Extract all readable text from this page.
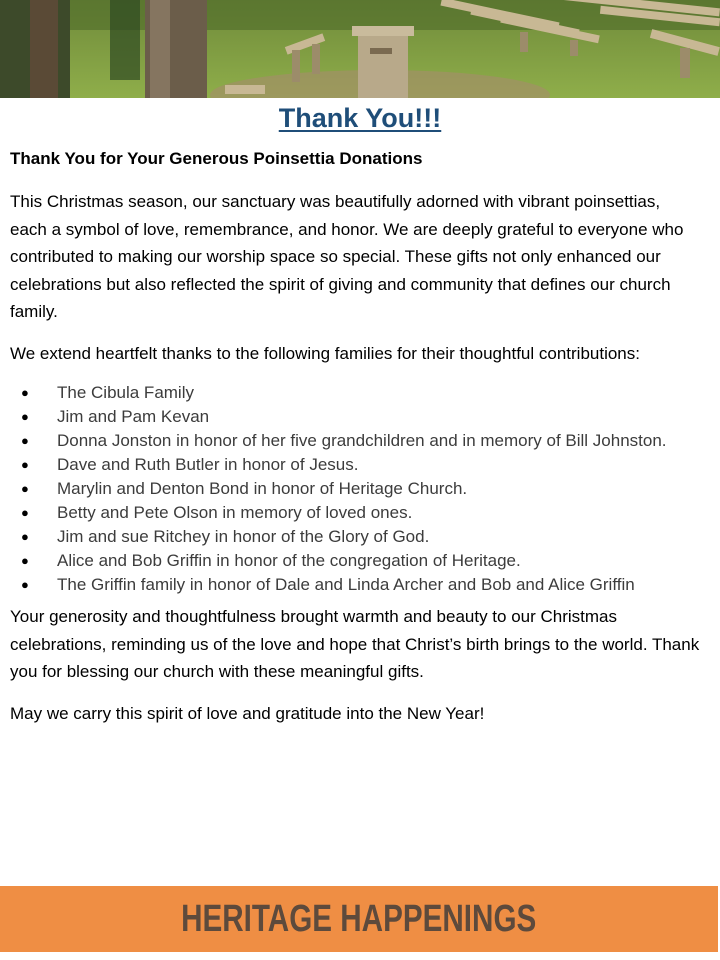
Thank You!!!

Thank You for Your Generous Poinsettia Donations

This Christmas season, our sanctuary was beautifully adorned with vibrant poinsettias, each a symbol of love, remembrance, and honor. We are deeply grateful to everyone who contributed to making our worship space so special. These gifts not only enhanced our celebrations but also reflected the spirit of giving and community that defines our church family.

We extend heartfelt thanks to the following families for their thoughtful contributions:

● The Cibula Family
● Jim and Pam Kevan
● Donna Jonston in honor of her five grandchildren and in memory of Bill Johnston.
● Dave and Ruth Butler in honor of Jesus.
● Marylin and Denton Bond in honor of Heritage Church.
● Betty and Pete Olson in memory of loved ones.
● Jim and sue Ritchey in honor of the Glory of God.
● Alice and Bob Griffin in honor of the congregation of Heritage.
● The Griffin family in honor of Dale and Linda Archer and Bob and Alice Griffin

Your generosity and thoughtfulness brought warmth and beauty to our Christmas celebrations, reminding us of the love and hope that Christ’s birth brings to the world. Thank you for blessing our church with these meaningful gifts.

May we carry this spirit of love and gratitude into the New Year!

HERITAGE HAPPENINGS
